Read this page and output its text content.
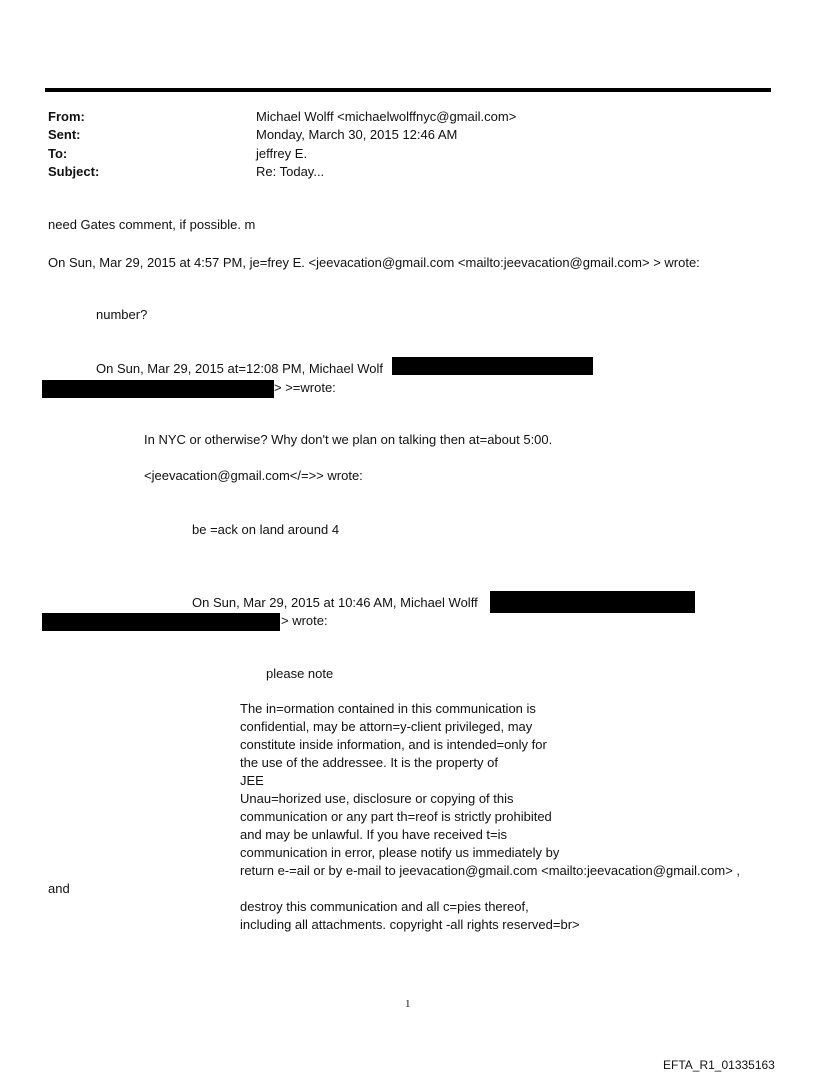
From:	Michael Wolff <michaelwolffnyc@gmail.com>
Sent:	Monday, March 30, 2015 12:46 AM
To:	jeffrey E.
Subject:	Re: Today...
need Gates comment, if possible. m
On Sun, Mar 29, 2015 at 4:57 PM, je=frey E. <jeevacation@gmail.com <mailto:jeevacation@gmail.com> > wrote:
number?
On Sun, Mar 29, 2015 at=12:08 PM, Michael Wolf
> >=wrote:
In NYC or otherwise? Why don't we plan on talking then at=about 5:00.
<jeevacation@gmail.com</=>> wrote:
be =ack on land around 4
On Sun, Mar 29, 2015 at 10:46 AM, Michael Wolff
> wrote:
please note
The in=ormation contained in this communication is
confidential, may be attorn=y-client privileged, may
constitute inside information, and is intended=only for
the use of the addressee. It is the property of
JEE
Unau=horized use, disclosure or copying of this
communication or any part th=reof is strictly prohibited
and may be unlawful. If you have received t=is
communication in error, please notify us immediately by
return e-=ail or by e-mail to jeevacation@gmail.com <mailto:jeevacation@gmail.com> ,
and
destroy this communication and all c=pies thereof,
including all attachments. copyright -all rights reserved=br>
1
EFTA_R1_01335163
